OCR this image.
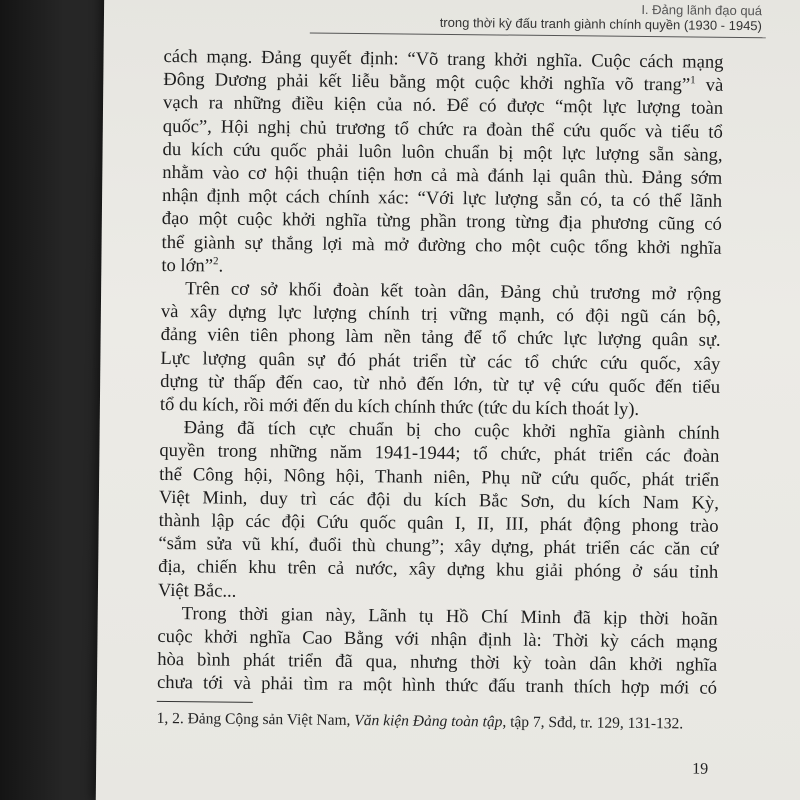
I. Đảng lãnh đạo quá
trong thời kỳ đấu tranh giành chính quyền (1930 - 1945)
cách mạng. Đảng quyết định: “Võ trang khởi nghĩa. Cuộc cách mạng
Đông Dương phải kết liễu bằng một cuộc khởi nghĩa võ trang”$^1$ và
vạch ra những điều kiện của nó. Để có được “một lực lượng toàn
quốc”, Hội nghị chủ trương tổ chức ra đoàn thể cứu quốc và tiểu tổ
du kích cứu quốc phải luôn luôn chuẩn bị một lực lượng sẵn sàng,
nhằm vào cơ hội thuận tiện hơn cả mà đánh lại quân thù. Đảng sớm
nhận định một cách chính xác: “Với lực lượng sẵn có, ta có thể lãnh
đạo một cuộc khởi nghĩa từng phần trong từng địa phương cũng có
thể giành sự thắng lợi mà mở đường cho một cuộc tổng khởi nghĩa
to lớn”$^2$.
Trên cơ sở khối đoàn kết toàn dân, Đảng chủ trương mở rộng
và xây dựng lực lượng chính trị vững mạnh, có đội ngũ cán bộ,
đảng viên tiên phong làm nền tảng để tổ chức lực lượng quân sự.
Lực lượng quân sự đó phát triển từ các tổ chức cứu quốc, xây
dựng từ thấp đến cao, từ nhỏ đến lớn, từ tự vệ cứu quốc đến tiểu
tổ du kích, rồi mới đến du kích chính thức (tức du kích thoát ly).
Đảng đã tích cực chuẩn bị cho cuộc khởi nghĩa giành chính
quyền trong những năm 1941-1944; tổ chức, phát triển các đoàn
thể Công hội, Nông hội, Thanh niên, Phụ nữ cứu quốc, phát triển
Việt Minh, duy trì các đội du kích Bắc Sơn, du kích Nam Kỳ,
thành lập các đội Cứu quốc quân I, II, III, phát động phong trào
“sắm sửa vũ khí, đuổi thù chung”; xây dựng, phát triển các căn cứ
địa, chiến khu trên cả nước, xây dựng khu giải phóng ở sáu tỉnh
Việt Bắc...
Trong thời gian này, Lãnh tụ Hồ Chí Minh đã kịp thời hoãn
cuộc khởi nghĩa Cao Bằng với nhận định là: Thời kỳ cách mạng
hòa bình phát triển đã qua, nhưng thời kỳ toàn dân khởi nghĩa
chưa tới và phải tìm ra một hình thức đấu tranh thích hợp mới có
1, 2. Đảng Cộng sản Việt Nam, Văn kiện Đảng toàn tập, tập 7, Sđd, tr. 129, 131-132.
19
